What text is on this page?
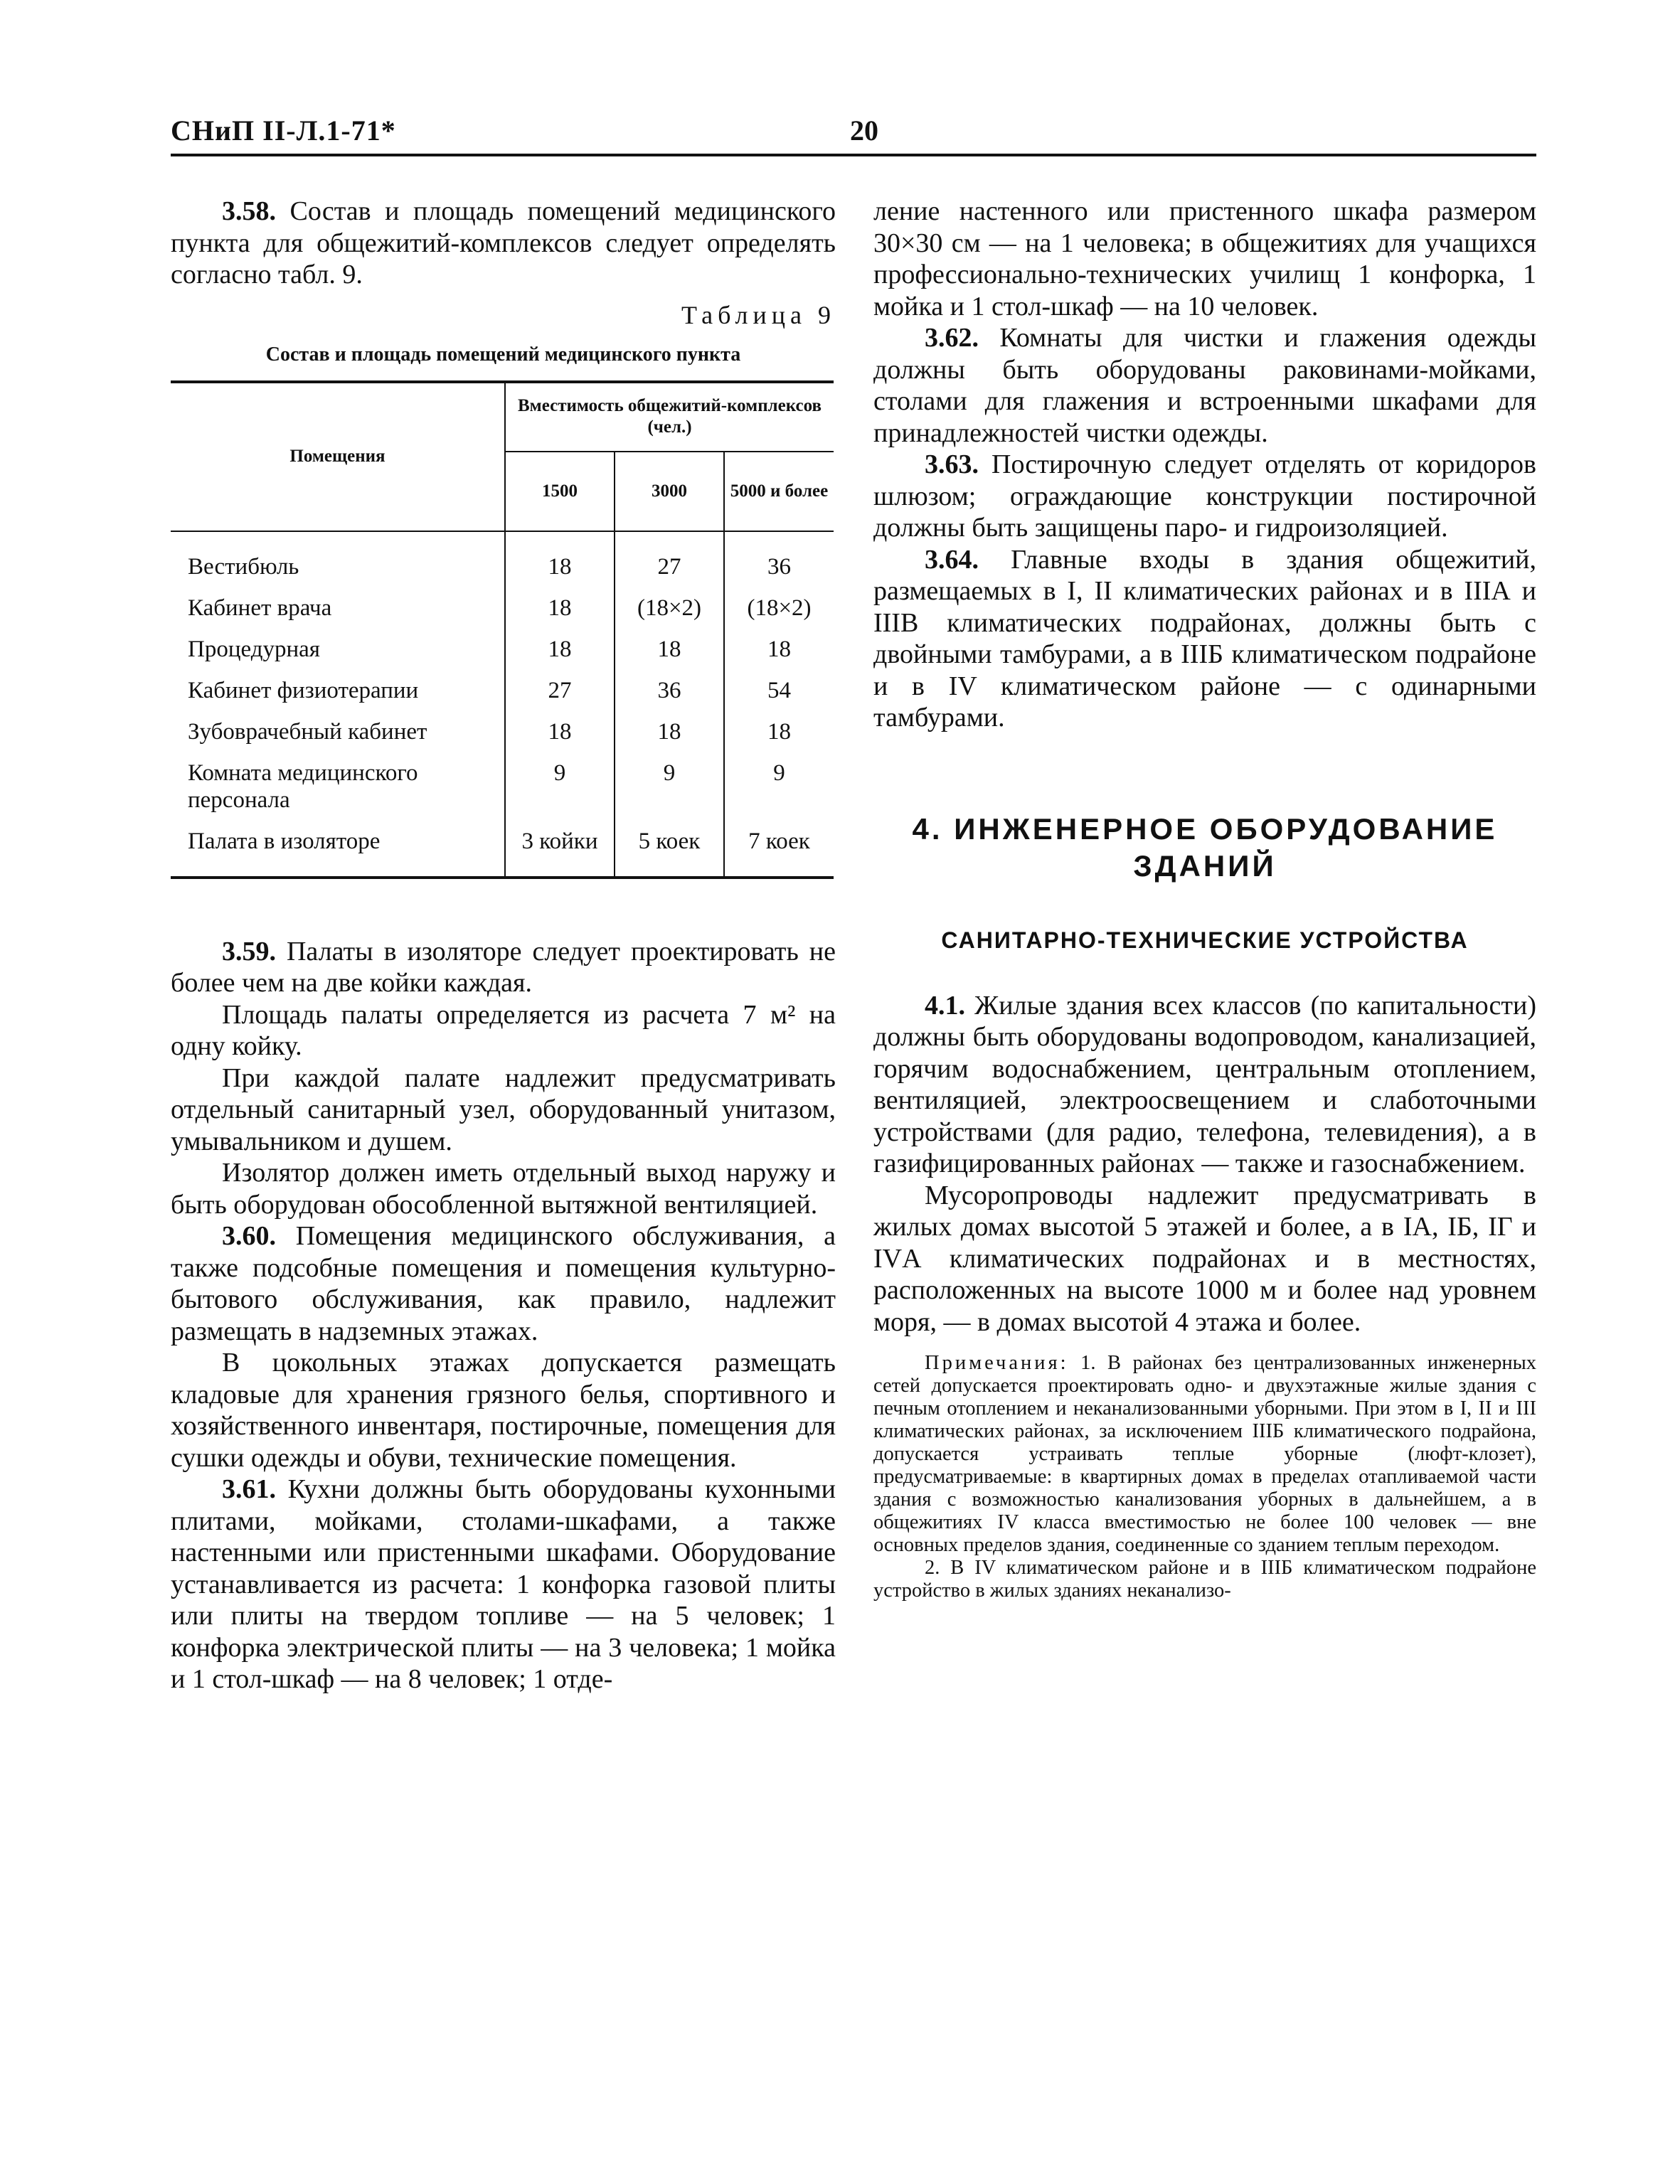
СНиП II-Л.1-71*	20

3.58. Состав и площадь помещений медицинского пункта для общежитий-комплексов следует определять согласно табл. 9.

Таблица 9
Состав и площадь помещений медицинского пункта
Помещения	Вместимость общежитий-комплексов (чел.)		
	1500	3000	5000 и более
Вестибюль	18	27	36
Кабинет врача	18	(18×2)	(18×2)
Процедурная	18	18	18
Кабинет физиотерапии	27	36	54
Зубоврачебный кабинет	18	18	18
Комната медицинского персонала	9	9	9
Палата в изоляторе	3 койки	5 коек	7 коек

3.59. Палаты в изоляторе следует проектировать не более чем на две койки каждая.

Площадь палаты определяется из расчета 7 м² на одну койку.

При каждой палате надлежит предусматривать отдельный санитарный узел, оборудованный унитазом, умывальником и душем.

Изолятор должен иметь отдельный выход наружу и быть оборудован обособленной вытяжной вентиляцией.

3.60. Помещения медицинского обслуживания, а также подсобные помещения и помещения культурно-бытового обслуживания, как правило, надлежит размещать в надземных этажах.

В цокольных этажах допускается размещать кладовые для хранения грязного белья, спортивного и хозяйственного инвентаря, постирочные, помещения для сушки одежды и обуви, технические помещения.

3.61. Кухни должны быть оборудованы кухонными плитами, мойками, столами-шкафами, а также настенными или пристенными шкафами. Оборудование устанавливается из расчета: 1 конфорка газовой плиты или плиты на твердом топливе — на 5 человек; 1 конфорка электрической плиты — на 3 человека; 1 мойка и 1 стол-шкаф — на 8 человек; 1 отде-

ление настенного или пристенного шкафа размером 30×30 см — на 1 человека; в общежитиях для учащихся профессионально-технических училищ 1 конфорка, 1 мойка и 1 стол-шкаф — на 10 человек.

3.62. Комнаты для чистки и глажения одежды должны быть оборудованы раковинами-мойками, столами для глажения и встроенными шкафами для принадлежностей чистки одежды.

3.63. Постирочную следует отделять от коридоров шлюзом; ограждающие конструкции постирочной должны быть защищены паро- и гидроизоляцией.

3.64. Главные входы в здания общежитий, размещаемых в I, II климатических районах и в IIIА и IIIВ климатических подрайонах, должны быть с двойными тамбурами, а в IIIБ климатическом подрайоне и в IV климатическом районе — с одинарными тамбурами.

4. ИНЖЕНЕРНОЕ ОБОРУДОВАНИЕ
ЗДАНИЙ
САНИТАРНО-ТЕХНИЧЕСКИЕ УСТРОЙСТВА

4.1. Жилые здания всех классов (по капитальности) должны быть оборудованы водопроводом, канализацией, горячим водоснабжением, центральным отоплением, вентиляцией, электроосвещением и слаботочными устройствами (для радио, телефона, телевидения), а в газифицированных районах — также и газоснабжением.

Мусоропроводы надлежит предусматривать в жилых домах высотой 5 этажей и более, а в IА, IБ, IГ и IVА климатических подрайонах и в местностях, расположенных на высоте 1000 м и более над уровнем моря, — в домах высотой 4 этажа и более.

Примечания: 1. В районах без централизованных инженерных сетей допускается проектировать одно- и двухэтажные жилые здания с печным отоплением и неканализованными уборными. При этом в I, II и III климатических районах, за исключением IIIБ климатического подрайона, допускается устраивать теплые уборные (люфт-клозет), предусматриваемые: в квартирных домах в пределах отапливаемой части здания с возможностью канализования уборных в дальнейшем, а в общежитиях IV класса вместимостью не более 100 человек — вне основных пределов здания, соединенные со зданием теплым переходом.

2. В IV климатическом районе и в IIIБ климатическом подрайоне устройство в жилых зданиях неканализо-
